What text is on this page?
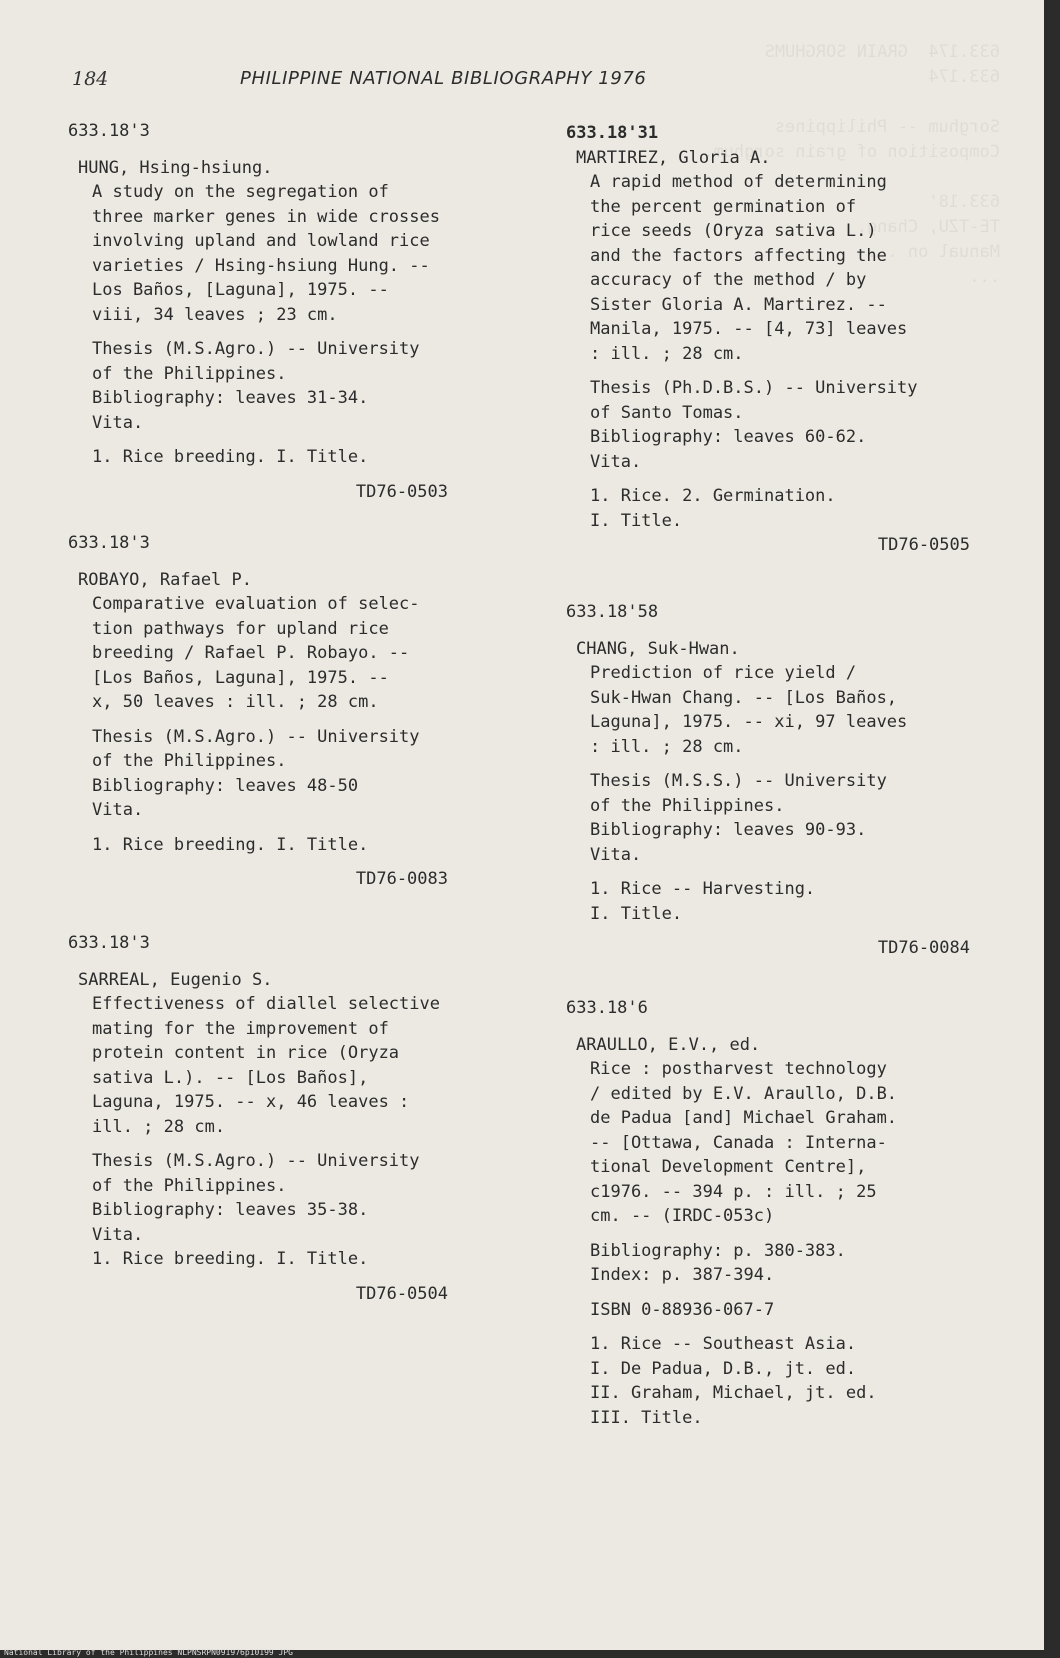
633.174  GRAIN SORGHUMS
633.174

Sorghum -- Philippines
Composition of grain sorghum.

633.18'
TE-TZU, Chang.
Manual on ...
...

184	PHILIPPINE NATIONAL BIBLIOGRAPHY 1976
633.18'3
HUNG, Hsing-hsiung.
A study on the segregation of
three marker genes in wide crosses
involving upland and lowland rice
varieties / Hsing-hsiung Hung. --
Los Baños, [Laguna], 1975. --
viii, 34 leaves ; 23 cm.
Thesis (M.S.Agro.) -- University
of the Philippines.
Bibliography: leaves 31-34.
Vita.
1. Rice breeding. I. Title.
TD76-0503
633.18'3
ROBAYO, Rafael P.
Comparative evaluation of selec-
tion pathways for upland rice
breeding / Rafael P. Robayo. --
[Los Baños, Laguna], 1975. --
x, 50 leaves : ill. ; 28 cm.
Thesis (M.S.Agro.) -- University
of the Philippines.
Bibliography: leaves 48-50
Vita.
1. Rice breeding. I. Title.
TD76-0083
633.18'3
SARREAL, Eugenio S.
Effectiveness of diallel selective
mating for the improvement of
protein content in rice (Oryza
sativa L.). -- [Los Baños],
Laguna, 1975. -- x, 46 leaves :
ill. ; 28 cm.
Thesis (M.S.Agro.) -- University
of the Philippines.
Bibliography: leaves 35-38.
Vita.
1. Rice breeding. I. Title.
TD76-0504
633.18'31
MARTIREZ, Gloria A.
A rapid method of determining
the percent germination of
rice seeds (Oryza sativa L.)
and the factors affecting the
accuracy of the method / by
Sister Gloria A. Martirez. --
Manila, 1975. -- [4, 73] leaves
: ill. ; 28 cm.
Thesis (Ph.D.B.S.) -- University
of Santo Tomas.
Bibliography: leaves 60-62.
Vita.
1. Rice. 2. Germination.
I. Title.
TD76-0505
633.18'58
CHANG, Suk-Hwan.
Prediction of rice yield /
Suk-Hwan Chang. -- [Los Baños,
Laguna], 1975. -- xi, 97 leaves
: ill. ; 28 cm.
Thesis (M.S.S.) -- University
of the Philippines.
Bibliography: leaves 90-93.
Vita.
1. Rice -- Harvesting.
I. Title.
TD76-0084
633.18'6
ARAULLO, E.V., ed.
Rice : postharvest technology
/ edited by E.V. Araullo, D.B.
de Padua [and] Michael Graham.
-- [Ottawa, Canada : Interna-
tional Development Centre],
c1976. -- 394 p. : ill. ; 25
cm. -- (IRDC-053c)
Bibliography: p. 380-383.
Index: p. 387-394.
ISBN 0-88936-067-7
1. Rice -- Southeast Asia.
I. De Padua, D.B., jt. ed.
II. Graham, Michael, jt. ed.
III. Title.
National Library of the Philippines NLPNSRPN091976p10199 JPG
